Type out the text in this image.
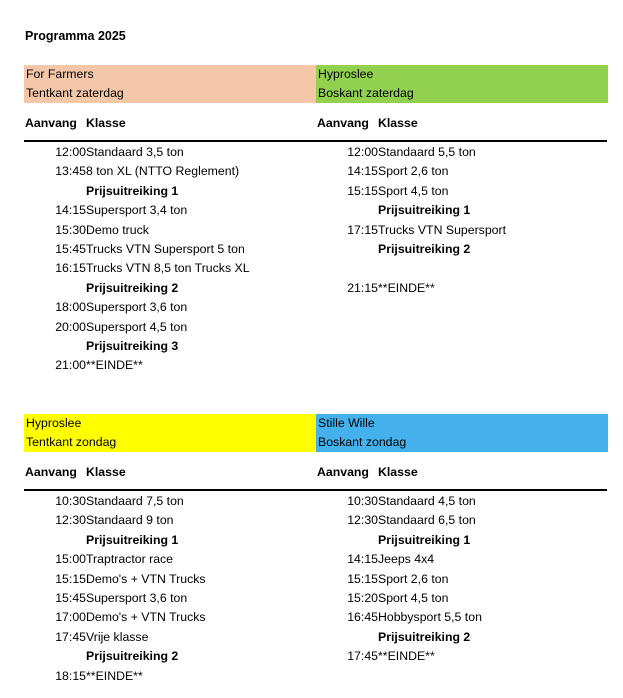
Programma 2025
For Farmers
Tentkant zaterdag
Aanvang Klasse
12:00 Standaard 3,5 ton
13:45 8 ton XL (NTTO Reglement)
Prijsuitreiking 1
14:15 Supersport 3,4 ton
15:30 Demo truck
15:45 Trucks VTN Supersport 5 ton
16:15 Trucks VTN 8,5 ton Trucks XL
Prijsuitreiking 2
18:00 Supersport 3,6 ton
20:00 Supersport 4,5 ton
Prijsuitreiking 3
21:00 **EINDE**
Hyproslee
Boskant zaterdag
Aanvang Klasse
12:00 Standaard 5,5 ton
14:15 Sport 2,6 ton
15:15 Sport 4,5 ton
Prijsuitreiking 1
17:15 Trucks VTN Supersport
Prijsuitreiking 2
21:15 **EINDE**
Hyproslee
Tentkant zondag
Aanvang Klasse
10:30 Standaard 7,5 ton
12:30 Standaard 9 ton
Prijsuitreiking 1
15:00 Traptractor race
15:15 Demo's + VTN Trucks
15:45 Supersport 3,6 ton
17:00 Demo's + VTN Trucks
17:45 Vrije klasse
Prijsuitreiking 2
18:15 **EINDE**
Stille Wille
Boskant zondag
Aanvang Klasse
10:30 Standaard 4,5 ton
12:30 Standaard 6,5 ton
Prijsuitreiking 1
14:15 Jeeps 4x4
15:15 Sport 2,6 ton
15:20 Sport 4,5 ton
16:45 Hobbysport 5,5 ton
Prijsuitreiking 2
17:45 **EINDE**
